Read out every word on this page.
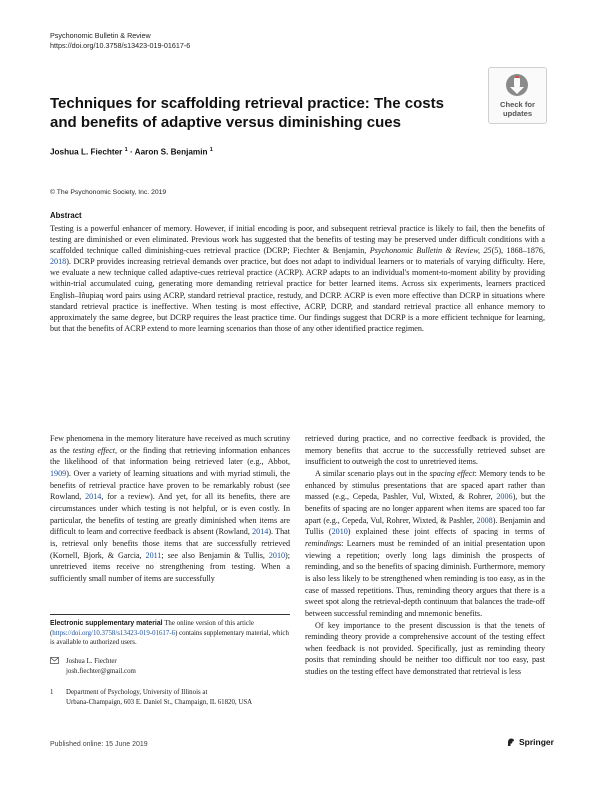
Psychonomic Bulletin & Review
https://doi.org/10.3758/s13423-019-01617-6
Check for
updates
Techniques for scaffolding retrieval practice: The costs and benefits of adaptive versus diminishing cues
Joshua L. Fiechter $^1$ · Aaron S. Benjamin $^1$
© The Psychonomic Society, Inc. 2019
Abstract
Testing is a powerful enhancer of memory. However, if initial encoding is poor, and subsequent retrieval practice is likely to fail, then the benefits of testing are diminished or even eliminated. Previous work has suggested that the benefits of testing may be preserved under difficult conditions with a scaffolded technique called diminishing-cues retrieval practice (DCRP; Fiechter & Benjamin, Psychonomic Bulletin & Review, 25(5), 1868–1876, 2018). DCRP provides increasing retrieval demands over practice, but does not adapt to individual learners or to materials of varying difficulty. Here, we evaluate a new technique called adaptive-cues retrieval practice (ACRP). ACRP adapts to an individual's moment-to-moment ability by providing within-trial accumulated cuing, generating more demanding retrieval practice for better learned items. Across six experiments, learners practiced English–Iñupiaq word pairs using ACRP, standard retrieval practice, restudy, and DCRP. ACRP is even more effective than DCRP in situations where standard retrieval practice is ineffective. When testing is most effective, ACRP, DCRP, and standard retrieval practice all enhance memory to approximately the same degree, but DCRP requires the least practice time. Our findings suggest that DCRP is a more efficient technique for learning, but that the benefits of ACRP extend to more learning scenarios than those of any other identified practice regimen.

Few phenomena in the memory literature have received as much scrutiny as the testing effect, or the finding that retrieving information enhances the likelihood of that information being retrieved later (e.g., Abbot, 1909). Over a variety of learning situations and with myriad stimuli, the benefits of retrieval practice have proven to be remarkably robust (see Rowland, 2014, for a review). And yet, for all its benefits, there are circumstances under which testing is not helpful, or is even costly. In particular, the benefits of testing are greatly diminished when items are difficult to learn and corrective feedback is absent (Rowland, 2014). That is, retrieval only benefits those items that are successfully retrieved (Kornell, Bjork, & Garcia, 2011; see also Benjamin & Tullis, 2010); unretrieved items receive no strengthening from testing. When a sufficiently small number of items are successfully

Electronic supplementary material The online version of this article (https://doi.org/10.3758/s13423-019-01617-6) contains supplementary material, which is available to authorized users.
Joshua L. Fiechter
josh.fiechter@gmail.com
1 Department of Psychology, University of Illinois at
Urbana-Champaign, 603 E. Daniel St., Champaign, IL 61820, USA

retrieved during practice, and no corrective feedback is provided, the memory benefits that accrue to the successfully retrieved subset are insufficient to outweigh the cost to unretrieved items.

A similar scenario plays out in the spacing effect: Memory tends to be enhanced by stimulus presentations that are spaced apart rather than massed (e.g., Cepeda, Pashler, Vul, Wixted, & Rohrer, 2006), but the benefits of spacing are no longer apparent when items are spaced too far apart (e.g., Cepeda, Vul, Rohrer, Wixted, & Pashler, 2008). Benjamin and Tullis (2010) explained these joint effects of spacing in terms of remindings: Learners must be reminded of an initial presentation upon viewing a repetition; overly long lags diminish the prospects of reminding, and so the benefits of spacing diminish. Furthermore, memory is also less likely to be strengthened when reminding is too easy, as in the case of massed repetitions. Thus, reminding theory argues that there is a sweet spot along the retrieval-depth continuum that balances the trade-off between successful reminding and mnemonic benefits.

Of key importance to the present discussion is that the tenets of reminding theory provide a comprehensive account of the testing effect when feedback is not provided. Specifically, just as reminding theory posits that reminding should be neither too difficult nor too easy, past studies on the testing effect have demonstrated that retrieval is less

Published online: 15 June 2019	Springer
